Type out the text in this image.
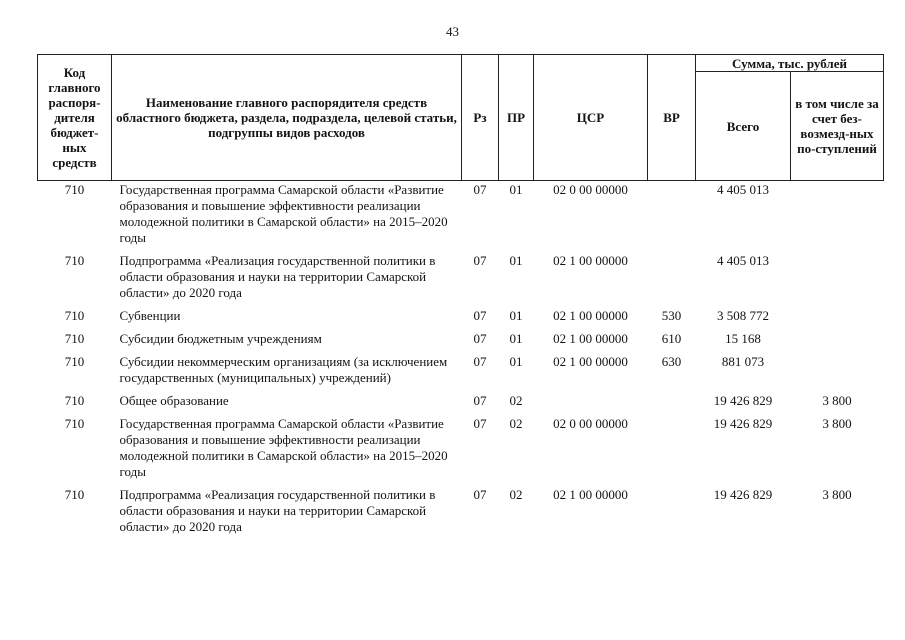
43
Код главного распоря-дителя бюджет-ных средств	Наименование главного распорядителя средств областного бюджета, раздела, подраздела, целевой статьи, подгруппы видов расходов	Рз	ПР	ЦСР	ВР	Сумма, тыс. рублей	
						Всего	в том числе за счет без-возмезд-ных по-ступлений
710	Государственная программа Самарской области «Развитие образования и повышение эффективности реализации молодежной политики в Самарской области» на 2015–2020 годы	07	01	02 0 00 00000		4 405 013	
710	Подпрограмма «Реализация государственной политики в области образования и науки на территории Самарской области» до 2020 года	07	01	02 1 00 00000		4 405 013	
710	Субвенции	07	01	02 1 00 00000	530	3 508 772	
710	Субсидии бюджетным учреждениям	07	01	02 1 00 00000	610	15 168	
710	Субсидии некоммерческим организациям (за исключением государственных (муниципальных) учреждений)	07	01	02 1 00 00000	630	881 073	
710	Общее образование	07	02			19 426 829	3 800
710	Государственная программа Самарской области «Развитие образования и повышение эффективности реализации молодежной политики в Самарской области» на 2015–2020 годы	07	02	02 0 00 00000		19 426 829	3 800
710	Подпрограмма «Реализация государственной политики в области образования и науки на территории Самарской области» до 2020 года	07	02	02 1 00 00000		19 426 829	3 800
